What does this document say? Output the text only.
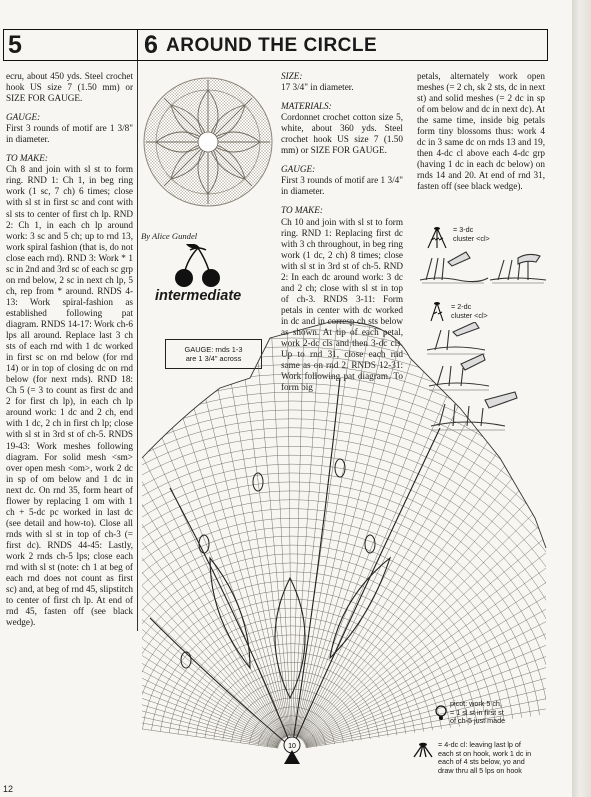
5	6 AROUND THE CIRCLE

ecru, about 450 yds. Steel crochet hook US size 7 (1.50 mm) or SIZE FOR GAUGE.

GAUGE:

First 3 rounds of motif are 1 3/8" in diameter.

TO MAKE:

Ch 8 and join with sl st to form ring. RND 1: Ch 1, in beg ring work (1 sc, 7 ch) 6 times; close with sl st in first sc and cont with sl sts to center of first ch lp. RND 2: Ch 1, in each ch lp around work: 3 sc and 5 ch; up to rnd 13, work spiral fashion (that is, do not close each rnd). RND 3: Work * 1 sc in 2nd and 3rd sc of each sc grp on rnd below, 2 sc in next ch lp, 5 ch, rep from * around. RNDS 4-13: Work spiral-fashion as established following pat diagram. RNDS 14-17: Work ch-6 lps all around. Replace last 3 ch sts of each rnd with 1 dc worked in first sc on rnd below (for rnd 14) or in top of closing dc on rnd below (for next rnds). RND 18: Ch 5 (= 3 to count as first dc and 2 for first ch lp), in each ch lp around work: 1 dc and 2 ch, end with 1 dc, 2 ch in first ch lp; close with sl st in 3rd st of ch-5. RNDS 19-43: Work meshes following diagram. For solid mesh <sm> over open mesh <om>, work 2 dc in sp of om below and 1 dc in next dc. On rnd 35, form heart of flower by replacing 1 om with 1 ch + 5-dc pc worked in last dc (see detail and how-to). Close all rnds with sl st in top of ch-3 (= first dc). RNDS 44-45: Lastly, work 2 rnds ch-5 lps; close each rnd with sl st (note: ch 1 at beg of each rnd does not count as first sc) and, at beg of rnd 45, slipstitch to center of first ch lp. At end of rnd 45, fasten off (see black wedge).

By Alice Gundel
intermediate
GAUGE: rnds 1-3
are 1 3/4" across

SIZE:

17 3/4" in diameter.

MATERIALS:

Cordonnet crochet cotton size 5, white, about 360 yds. Steel crochet hook US size 7 (1.50 mm) or SIZE FOR GAUGE.

GAUGE:

First 3 rounds of motif are 1 3/4" in diameter.

TO MAKE:

Ch 10 and join with sl st to form ring. RND 1: Replacing first dc with 3 ch throughout, in beg ring work (1 dc, 2 ch) 8 times; close with sl st in 3rd st of ch-5. RND 2: In each dc around work: 3 dc and 2 ch; close with sl st in top of ch-3. RNDS 3-11: Form petals in center with dc worked in dc and in corresp ch sts below as shown. At tip of each petal, work 2-dc cls and then 3-dc cls. Up to rnd 31, close each rnd same as on rnd 2. RNDS 12-31: Work following pat diagram. To form big

petals, alternately work open meshes (= 2 ch, sk 2 sts, dc in next st) and solid meshes (= 2 dc in sp of om below and dc in next dc). At the same time, inside big petals form tiny blossoms thus: work 4 dc in 3 same dc on rnds 13 and 19, then 4-dc cl above each 4-dc grp (having 1 dc in each dc below) on rnds 14 and 20. At end of rnd 31, fasten off (see black wedge).

= 3-dc
cluster <cl>
= 2-dc
cluster <cl>
10
picot: work 5 ch,
= 1 sl st in first st
of ch-5 just made
= 4-dc cl: leaving last lp of
each st on hook, work 1 dc in
each of 4 sts below, yo and
draw thru all 5 lps on hook
12
